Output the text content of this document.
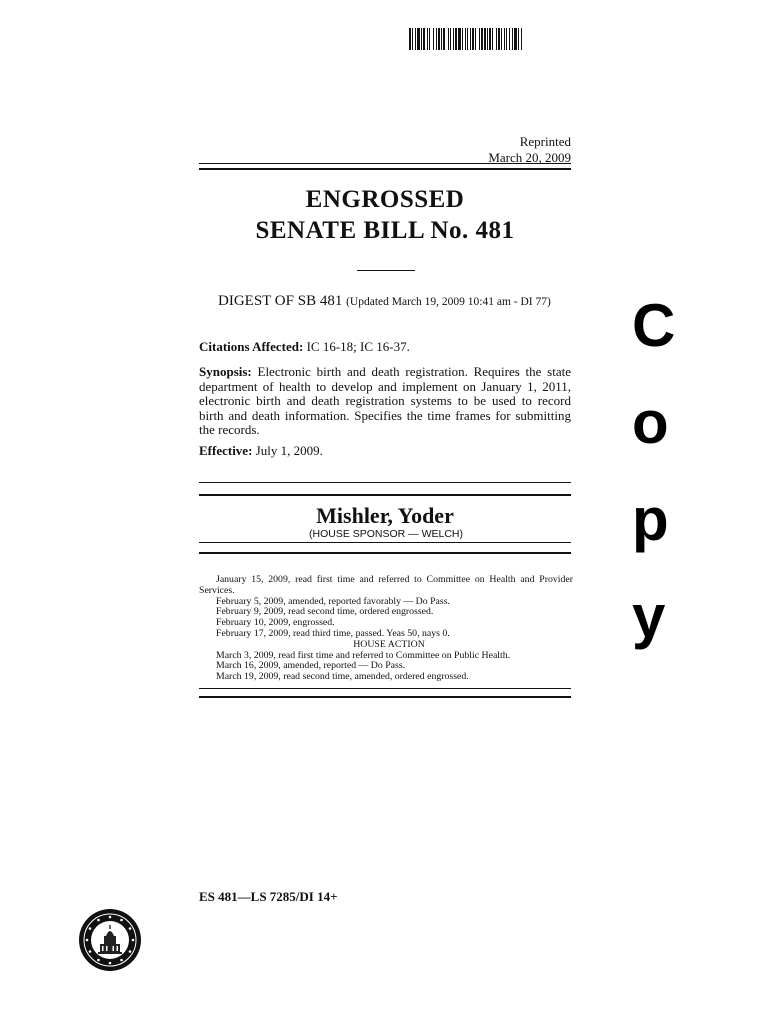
Reprinted
March 20, 2009
ENGROSSED
SENATE BILL No. 481
DIGEST OF SB 481 (Updated March 19, 2009 10:41 am - DI 77)
Citations Affected: IC 16-18; IC 16-37.
Synopsis: Electronic birth and death registration. Requires the state department of health to develop and implement on January 1, 2011, electronic birth and death registration systems to be used to record birth and death information. Specifies the time frames for submitting the records.
Effective: July 1, 2009.
Mishler, Yoder
(HOUSE SPONSOR — WELCH)
January 15, 2009, read first time and referred to Committee on Health and Provider Services.
February 5, 2009, amended, reported favorably — Do Pass.
February 9, 2009, read second time, ordered engrossed.
February 10, 2009, engrossed.
February 17, 2009, read third time, passed. Yeas 50, nays 0.
HOUSE ACTION
March 3, 2009, read first time and referred to Committee on Public Health.
March 16, 2009, amended, reported — Do Pass.
March 19, 2009, read second time, amended, ordered engrossed.
ES 481—LS 7285/DI 14+
C
o
p
y
